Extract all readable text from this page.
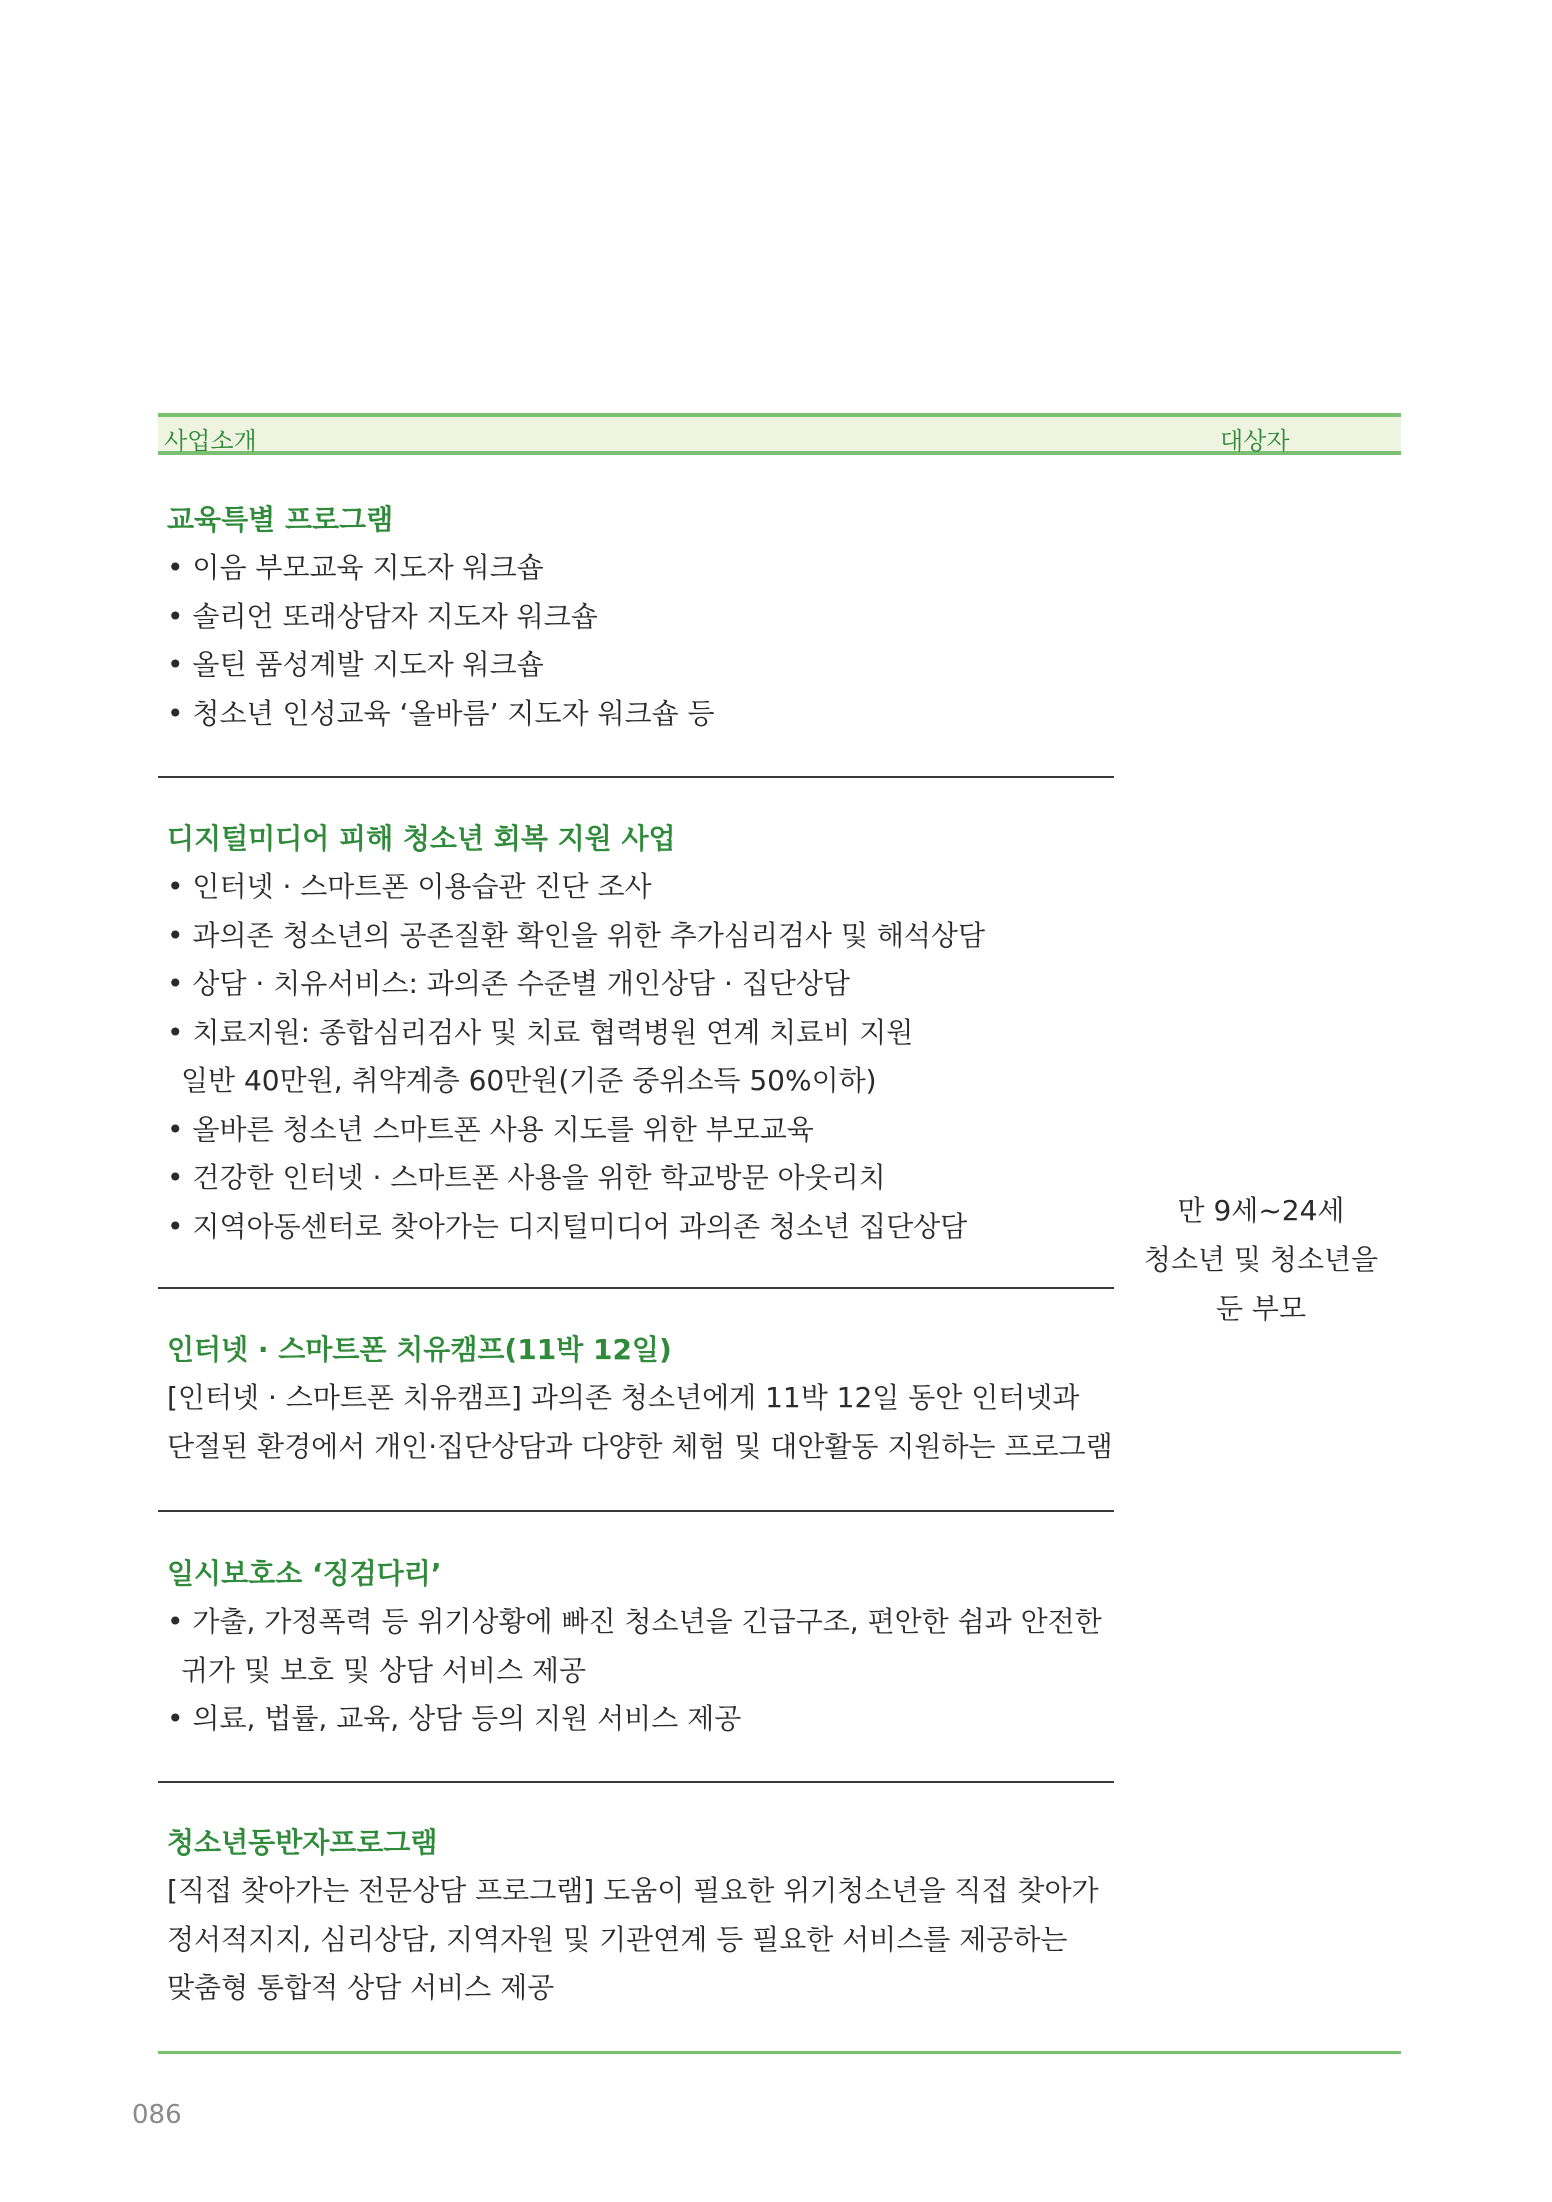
사업소개	대상자
교육특별 프로그램
• 이음 부모교육 지도자 워크숍
• 솔리언 또래상담자 지도자 워크숍
• 올틴 품성계발 지도자 워크숍
• 청소년 인성교육 ‘올바름’ 지도자 워크숍 등
디지털미디어 피해 청소년 회복 지원 사업
• 인터넷 · 스마트폰 이용습관 진단 조사
• 과의존 청소년의 공존질환 확인을 위한 추가심리검사 및 해석상담
• 상담 · 치유서비스: 과의존 수준별 개인상담 · 집단상담
• 치료지원: 종합심리검사 및 치료 협력병원 연계 치료비 지원
일반 40만원, 취약계층 60만원(기준 중위소득 50%이하)
• 올바른 청소년 스마트폰 사용 지도를 위한 부모교육
• 건강한 인터넷 · 스마트폰 사용을 위한 학교방문 아웃리치
• 지역아동센터로 찾아가는 디지털미디어 과의존 청소년 집단상담
인터넷 · 스마트폰 치유캠프(11박 12일)
[인터넷 · 스마트폰 치유캠프] 과의존 청소년에게 11박 12일 동안 인터넷과
단절된 환경에서 개인·집단상담과 다양한 체험 및 대안활동 지원하는 프로그램
일시보호소 ‘징검다리’
• 가출, 가정폭력 등 위기상황에 빠진 청소년을 긴급구조, 편안한 쉼과 안전한
귀가 및 보호 및 상담 서비스 제공
• 의료, 법률, 교육, 상담 등의 지원 서비스 제공
청소년동반자프로그램
[직접 찾아가는 전문상담 프로그램] 도움이 필요한 위기청소년을 직접 찾아가
정서적지지, 심리상담, 지역자원 및 기관연계 등 필요한 서비스를 제공하는
맞춤형 통합적 상담 서비스 제공
만 9세~24세
청소년 및 청소년을
둔 부모
086
